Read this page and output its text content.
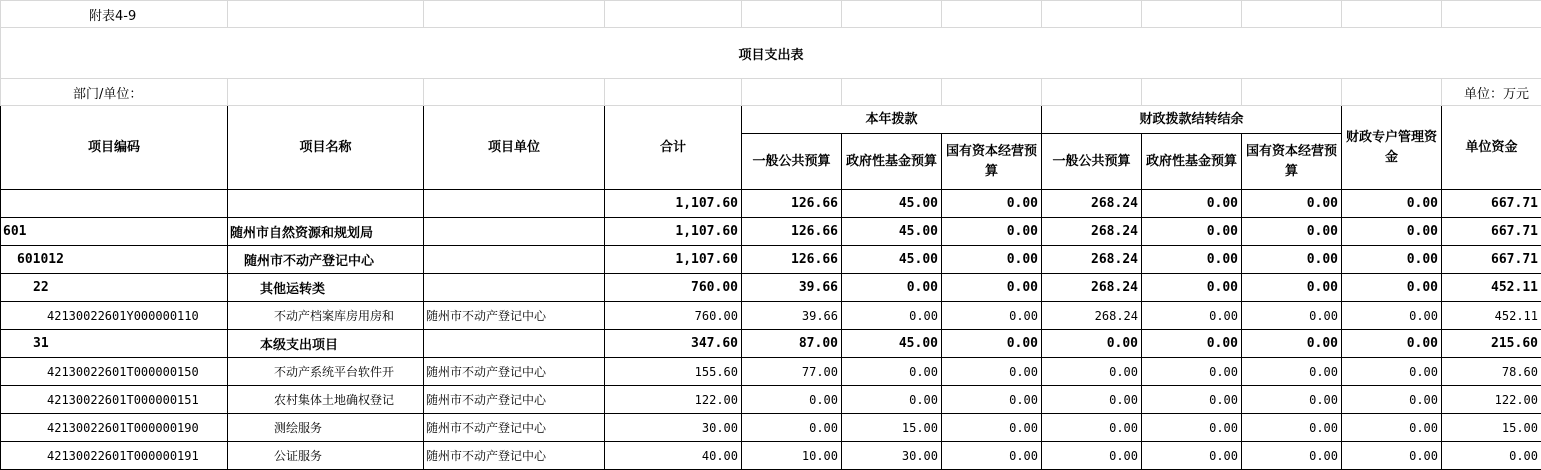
附表4-9											
项目支出表											
部门/单位：											单位：万元
项目编码	项目名称	项目单位	合计	本年拨款			财政拨款结转结余			财政专户管理资金	单位资金
				一般公共预算	政府性基金预算	国有资本经营预算	一般公共预算	政府性基金预算	国有资本经营预算		
			1,107.60	126.66	45.00	0.00	268.24	0.00	0.00	0.00	667.71
601	随州市自然资源和规划局		1,107.60	126.66	45.00	0.00	268.24	0.00	0.00	0.00	667.71
601012	随州市不动产登记中心		1,107.60	126.66	45.00	0.00	268.24	0.00	0.00	0.00	667.71
22	其他运转类		760.00	39.66	0.00	0.00	268.24	0.00	0.00	0.00	452.11
42130022601Y000000110	不动产档案库房用房和	随州市不动产登记中心	760.00	39.66	0.00	0.00	268.24	0.00	0.00	0.00	452.11
31	本级支出项目		347.60	87.00	45.00	0.00	0.00	0.00	0.00	0.00	215.60
42130022601T000000150	不动产系统平台软件开	随州市不动产登记中心	155.60	77.00	0.00	0.00	0.00	0.00	0.00	0.00	78.60
42130022601T000000151	农村集体土地确权登记	随州市不动产登记中心	122.00	0.00	0.00	0.00	0.00	0.00	0.00	0.00	122.00
42130022601T000000190	测绘服务	随州市不动产登记中心	30.00	0.00	15.00	0.00	0.00	0.00	0.00	0.00	15.00
42130022601T000000191	公证服务	随州市不动产登记中心	40.00	10.00	30.00	0.00	0.00	0.00	0.00	0.00	0.00
